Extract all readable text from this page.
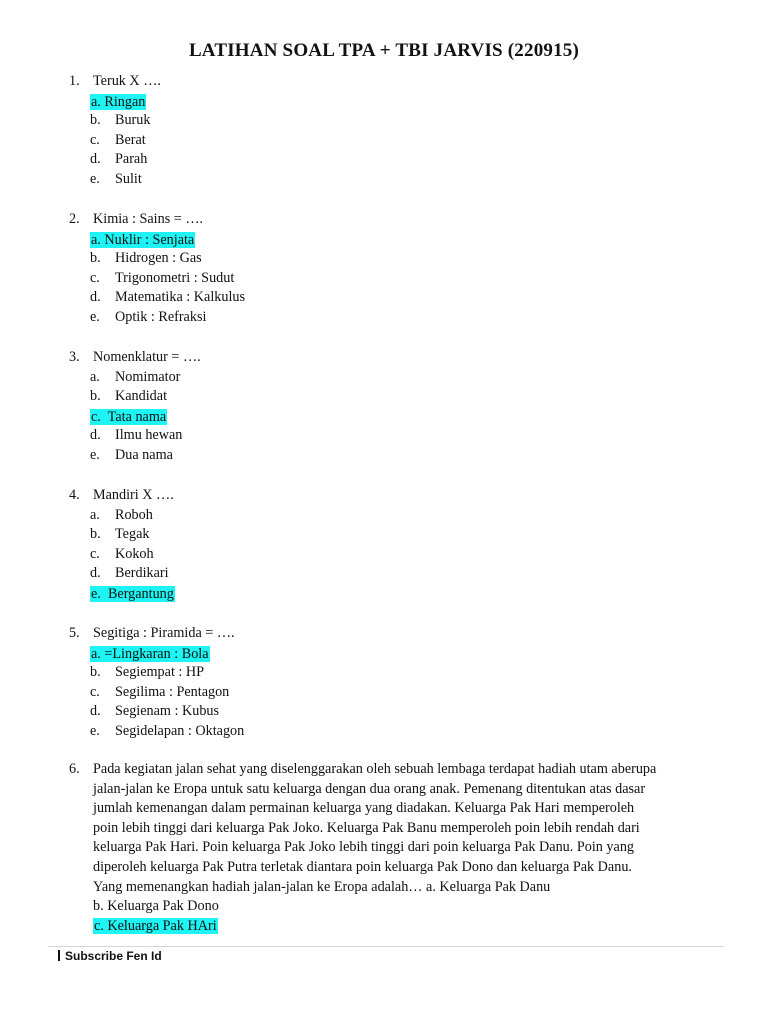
LATIHAN SOAL TPA + TBI JARVIS (220915)
1. Teruk X ….
a. Ringan
b.	Buruk
c.	Berat
d.	Parah
e.	Sulit
2. Kimia : Sains = ….
a. Nuklir : Senjata
b.	Hidrogen : Gas
c.	Trigonometri : Sudut
d.	Matematika : Kalkulus
e.	Optik : Refraksi
3. Nomenklatur = ….
a.	Nomimator
b.	Kandidat
c.  Tata nama
d.	Ilmu hewan
e.	Dua nama
4. Mandiri X ….
a.	Roboh
b.	Tegak
c.	Kokoh
d.	Berdikari
e.  Bergantung
5. Segitiga : Piramida = ….
a. =Lingkaran : Bola
b.	Segiempat : HP
c.	Segilima : Pentagon
d.	Segienam : Kubus
e.	Segidelapan : Oktagon
6. Pada kegiatan jalan sehat yang diselenggarakan oleh sebuah lembaga terdapat hadiah utam aberupa
jalan-jalan ke Eropa untuk satu keluarga dengan dua orang anak. Pemenang ditentukan atas dasar
jumlah kemenangan dalam permainan keluarga yang diadakan. Keluarga Pak Hari memperoleh
poin lebih tinggi dari keluarga Pak Joko. Keluarga Pak Banu memperoleh poin lebih rendah dari
keluarga Pak Hari. Poin keluarga Pak Joko lebih tinggi dari poin keluarga Pak Danu. Poin yang
diperoleh keluarga Pak Putra terletak diantara poin keluarga Pak Dono dan keluarga Pak Danu.
Yang memenangkan hadiah jalan-jalan ke Eropa adalah… a. Keluarga Pak Danu
b. Keluarga Pak Dono
c. Keluarga Pak HAri
Subscribe Fen Id
